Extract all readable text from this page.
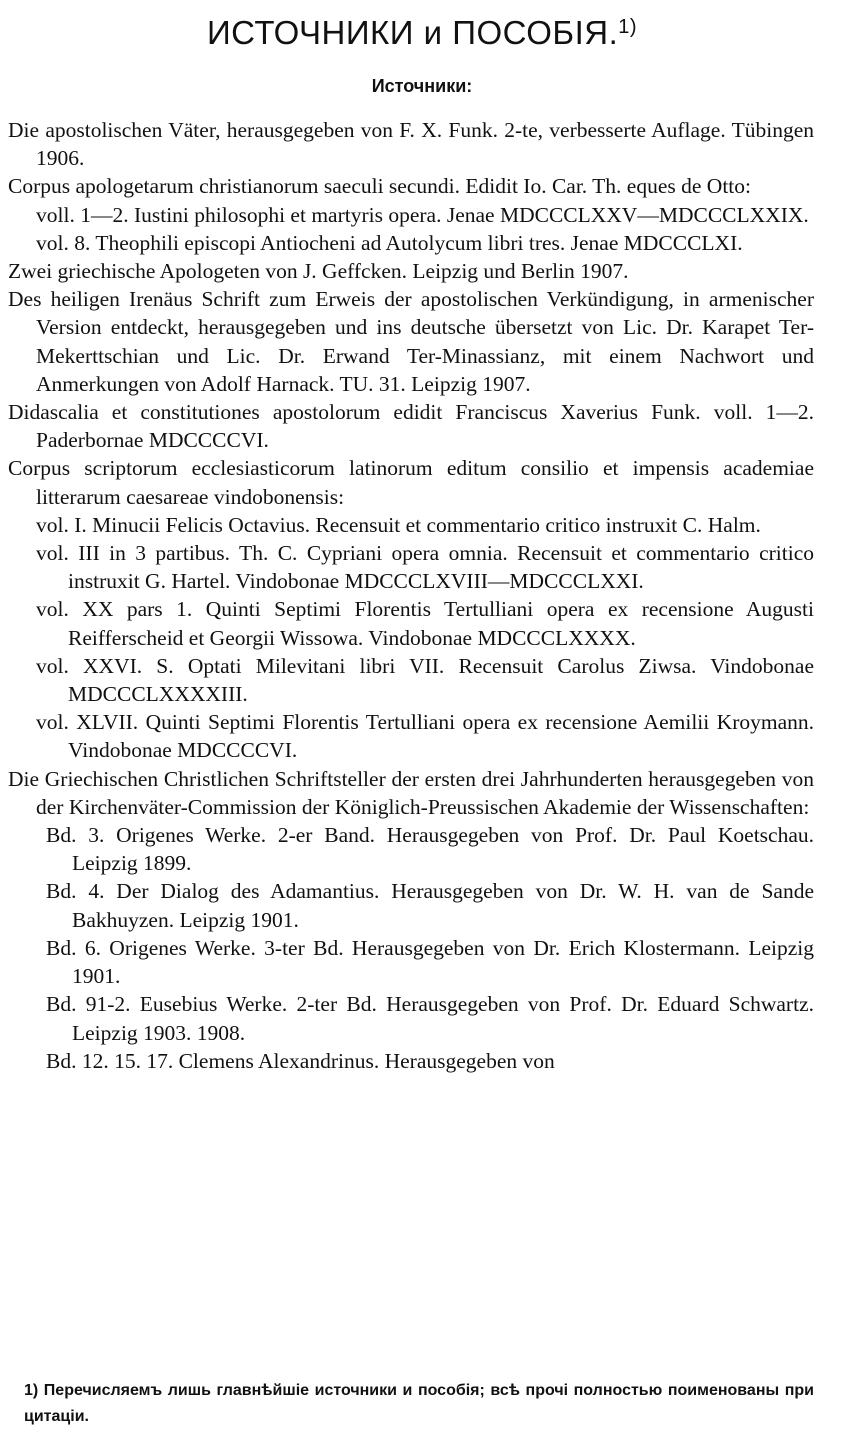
ИСТОЧНИКИ и ПОСОБІЯ.$^{1)}$
Источники:
Die apostolischen Väter, herausgegeben von F. X. Funk. 2-te, verbesserte Auflage. Tübingen 1906.
Corpus apologetarum christianorum saeculi secundi. Edidit Io. Car. Th. eques de Otto:
voll. 1—2. Iustini philosophi et martyris opera. Jenae MDCCCLXXV—MDCCCLXXIX.
vol. 8. Theophili episcopi Antiocheni ad Autolycum libri tres. Jenae MDCCCLXI.
Zwei griechische Apologeten von J. Geffcken. Leipzig und Berlin 1907.
Des heiligen Irenäus Schrift zum Erweis der apostolischen Verkündigung, in armenischer Version entdeckt, herausgegeben und ins deutsche übersetzt von Lic. Dr. Karapet Ter-Mekerttschian und Lic. Dr. Erwand Ter-Minassianz, mit einem Nachwort und Anmerkungen von Adolf Harnack. TU. 31. Leipzig 1907.
Didascalia et constitutiones apostolorum edidit Franciscus Xaverius Funk. voll. 1—2. Paderbornae MDCCCCVI.
Corpus scriptorum ecclesiasticorum latinorum editum consilio et impensis academiae litterarum caesareae vindobonensis:
vol. I. Minucii Felicis Octavius. Recensuit et commentario critico instruxit C. Halm.
vol. III in 3 partibus. Th. C. Cypriani opera omnia. Recensuit et commentario critico instruxit G. Hartel. Vindobonae MDCCCLXVIII—MDCCCLXXI.
vol. XX pars 1. Quinti Septimi Florentis Tertulliani opera ex recensione Augusti Reifferscheid et Georgii Wissowa. Vindobonae MDCCCLXXXX.
vol. XXVI. S. Optati Milevitani libri VII. Recensuit Carolus Ziwsa. Vindobonae MDCCCLXXXXIII.
vol. XLVII. Quinti Septimi Florentis Tertulliani opera ex recensione Aemilii Kroymann. Vindobonae MDCCCCVI.
Die Griechischen Christlichen Schriftsteller der ersten drei Jahrhunderten herausgegeben von der Kirchenväter-Commission der Königlich-Preussischen Akademie der Wissenschaften:
Bd. 3. Origenes Werke. 2-er Band. Herausgegeben von Prof. Dr. Paul Koetschau. Leipzig 1899.
Bd. 4. Der Dialog des Adamantius. Herausgegeben von Dr. W. H. van de Sande Bakhuyzen. Leipzig 1901.
Bd. 6. Origenes Werke. 3-ter Bd. Herausgegeben von Dr. Erich Klostermann. Leipzig 1901.
Bd. 91-2. Eusebius Werke. 2-ter Bd. Herausgegeben von Prof. Dr. Eduard Schwartz. Leipzig 1903. 1908.
Bd. 12. 15. 17. Clemens Alexandrinus. Herausgegeben von
1) Перечисляемъ лишь главнѣйшіе источники и пособія; всѣ прочі полностью поименованы при цитаціи.
